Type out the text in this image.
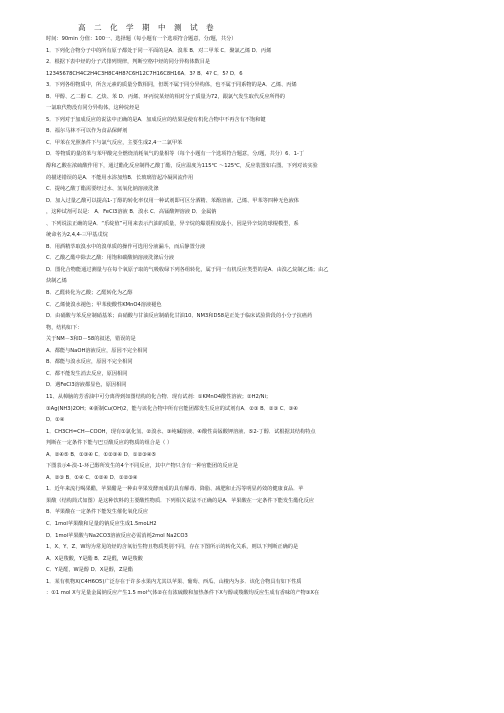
高 二 化 学 期 中 测 试 卷
时间：90min 分值：100一、选择题（每小题有一个选项符合题意，分/题，共分）
1．下列化合物分子中的所有原子都处于同一平面的是A．溴苯 B．对二甲苯 C．聚氯乙烯 D．丙烯
2．根据下表中烃的分子式排列规律，判断空格中烃的同分异构体数目是
12345678CH4C2H4C3H8C4H8?C6H12C7H16C8H16A．3? B．4? C．5? D．6
3．下列各组物质中，所含元素的质量分数相同，但既不属于同分异构体，也不属于同系物的是A．乙烯、丙烯
B．甲醇、乙二醇 C．乙炔、苯 D．丙烯、环丙烷某烃的相对分子质量为72，跟氯气发生取代反应所得的
一氯取代物没有同分异构体，这种烷烃是
5．下列对于加成反应的说法中正确的是A．加成反应的结果是使有机化合物中不再含有不饱和键
B．福尔马林不可以作为食品保鲜剂
C．甲苯在光照条件下与氯气反应，主要生成2,4一二氯甲苯
D．等物质的量的苯与苯甲酸完全燃烧消耗氧气的量相等（每个小题有一个选项符合题意，分/题，共分）6．1-丁
醇和乙酸在浓硫酸作用下，通过酯化反应制得乙酸丁酯，反应温度为115℃ ～125℃，反应装置如右图。下列对该实验
的描述错误的是A．不能用水浴加热B．长玻璃管起冷凝回流作用
C．提纯乙酸丁酯需要经过水、氢氧化钠溶液洗涤
D．加入过量乙酸可以提高1-丁醇的转化率仅用一种试剂即可区分酒精、苯酚溶液、己烯、甲苯等四种无色液体
，这种试剂可以是： A．FeCl3溶液 B．溴水 C．高锰酸钾溶液 D．金属钠
、下列说法正确的是A．“乐绽值”可用来表示汽油的质量，异辛烷的爆震程度最小，因是异辛烷的球棍模型，系
统命名为2,4,4-三甲基戊烷
B．用酒精萃取溴水中的溴单质的操作可选用分液漏斗，而后静置分液
C．乙酸乙酯中除去乙酸：用饱和碳酸钠溶液洗涤后分液
D．图化合物能通过测量与在每个氧原子取的气吸收绿下列各组转化，属于同一有机反应类型的是A．由溴乙烷制乙烯；由乙
炔制乙烯
B．乙醛转化为乙酸；乙醛转化为乙醇
C．乙烯使溴水褪色；甲苯使酸性KMnO4溶液褪色
D．由硝酸与苯反应制硝基苯；由硝酸与甘油反应制硝化甘油10、NM3和D58是正处于临床试验阶段的小分子抗癌药
物，结构如下：
关于NM－3和D－58的叙述，错误的是
A．都能与NaOH溶液反应，原因不完全相同
B．都能与溴水反应，原因不完全相同
C．都不能发生消去反应，原因相同
D．遇FeCl3溶液都显色，原因相同
11、从樟脑的芳香油中可分离得到如图结构的化合物．现有试剂：①KMnO4酸性溶液；②H2/Ni；
③Ag(NH3)2OH；④新制Cu(OH)2，能与该化合物中所有官能团都发生反应的试剂有A．②③ B．②③ C．③④
D．①④
1．CH3CH=CH—COOH，现有①氯化氢、②溴水、③纯碱溶液、④酸性高锰酸钾溶液、⑤2-丁醇．试根据其结构特点
判断在一定条件下能与巴豆酸反应的物质的组合是（ ）
A．②④⑤ B．①③④ C．①②③④ D．①②③④⑤
下图表示4-溴-1-环己醇所发生的4个不同反应，其中产物只含有一种官能团的反应是
A．②③ B．①④ C．①②④ D．①②③④
1．近年来流行喝果醋，苹果醋是一种由苹果发酵而成的具有解毒、降脂、减肥和止泻等明显药效的健康食品．苹
果酸（结构简式如图）是这种饮料的主要酸性物质．下列相关说法不正确的是A．苹果酸在一定条件下能发生酯化反应
B．苹果酸在一定条件下能发生催化氧化反应
C．1mol苹果酸和足量的钠反应生成1.5moLH2
D．1mol苹果酸与Na2CO3溶液反应必需消耗2mol Na2CO3
1、X、Y、Z、W均为常见的烃的含氧衍生物且物质类别不同，存在下图所示的转化关系，则以下判断正确的是
A．X是羧酸，Y是酯 B．Z是醛，W是羧酸
C．Y是醛，W是醇 D．X是醇，Z是酯
1．某有机物X(C4H6O5)广泛存在于许多水果内尤其以苹果、葡萄、西瓜、山楂内为多．该化合物具有如下性质
：①1 mol X与足量金属钠反应产生1.5 mol气体②在有浓硫酸和加热条件下X与醇或羧酸均反应生成有香味的产物③X在
